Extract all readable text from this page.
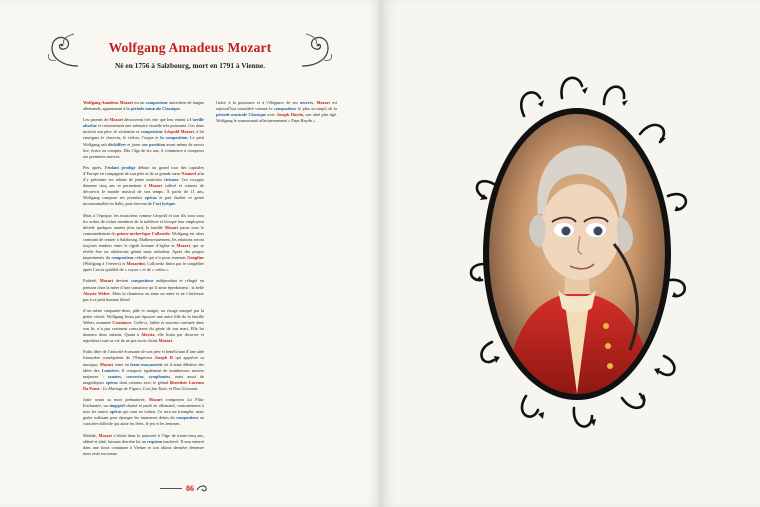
Wolfgang Amadeus Mozart
Né en 1756 à Salzbourg, mort en 1791 à Vienne.

Wolfgang Amadeus Mozart est un compositeur autrichien de langue allemande, appartenant à la période musicale Classique.

Les parents de Mozart découvrent très vite que leur enfant a l’oreille absolue et certainement une mémoire visuelle très puissante. Ces dons incitent son père, le violoniste et compositeur Léopold Mozart, à lui enseigner le clavecin, le violon, l’orgue et la composition. Le petit Wolfgang sait déchiffrer et jouer une partition avant même de savoir lire, écrire ou compter. Dès l’âge de six ans, il commence à composer ses premières œuvres.

Peu après, l’enfant prodige débute un grand tour des capitales d’Europe en compagnie de son père et de sa grande sœur Nannerl afin d’y présenter ses talents de jeune musicien virtuose. Ces voyages donnent cinq ans et permettent à Mozart cultivé et curieux de découvrir le monde musical de son temps. À partir de 11 ans, Wolfgang compose ses premiers opéras et part étudier ce genre incontournable en Italie, puis berceau de l’art lyrique.

Mais à l’époque, les musiciens comme Léopold et son fils sont sous les ordres de riches membres de la noblesse et lorsque leur employeur décède quelques années plus tard, la famille Mozart passe sous le commandement du prince-archevêque Colloredo. Wolfgang est alors contraint de rentrer à Salzbourg. Malheureusement, les relations seront toujours tendues entre le rigide homme d’église et Mozart, qui se révèle être un adolescent génial mais turbulent. Après des propos impertinents du compositeur rebelle qui n’a pour ennemis Gangfine (Wolfgang à l’envers) et Mozartini, Colloredo finira par le congédier après l’avoir qualifié de « voyou » et de « crétin ».

Endetté, Mozart devient compositeur indépendant et réfugié en pension chez la mère d’une cantatrice qu’il aime éperdument : la belle Aloysia Weber. Mais la chanteuse en aime un autre et ne s’intéresse pas à ce petit homme blond

d’un mètre cinquante-deux, pâle et maigre, au visage marqué par la petite vérole. Wolfgang finira par épouser une autre fille de la famille Weber, nommée Constance. Celle-ci, faible et souvent confinée dans son lit, n’a pas vraiment conscience du génie de son mari. Elle lui donnera deux enfants. Quant à Aloysia, elle finira par divorcer et regrettera toute sa vie de ne pas avoir choisi Mozart.

Enfin libre de l’autorité écrasante de son père et bénéficiant d’une aide financière conséquente de l’Empereur Joseph II qui apprécie sa musique, Mozart entre en franc-maçonnerie où il aime débattre des idées des Lumières. Il compose également de nombreuses œuvres majeures : sonates, concertos, symphonies, mais aussi de magnifiques opéras dont certains avec le génial librettiste Lorenzo Da Ponte : Le Mariage de Figaro, Così fan Tutte, et Don Giovanni.

Juste avant sa mort prématurée, Mozart composera La Flûte Enchantée, un singspiel chanté et parlé en allemand, contrairement à tous les autres opéras qui sont en italien. Ce sera un triomphe, mais guère suffisant pour éponger les immenses dettes du compositeur au caractère difficile qui aime les fêtes, le jeu et les femmes.

Malade, Mozart s’éteint dans la pauvreté à l’âge de trente-cinq ans, abîmé et aîné, laissant derrière lui un requiem inachevé. Il sera enterré dans une fosse commune à Vienne et son ultime dernière demeure nous reste inconnue.

Grâce à la puissance et à l’élégance de ses œuvres, Mozart est aujourd’hui considéré comme le compositeur le plus accompli de la période musicale Classique avec Joseph Haydn, son aîné plus âgé. Wolfgang le surnommait affectueusement « Papa Haydn ».

86
